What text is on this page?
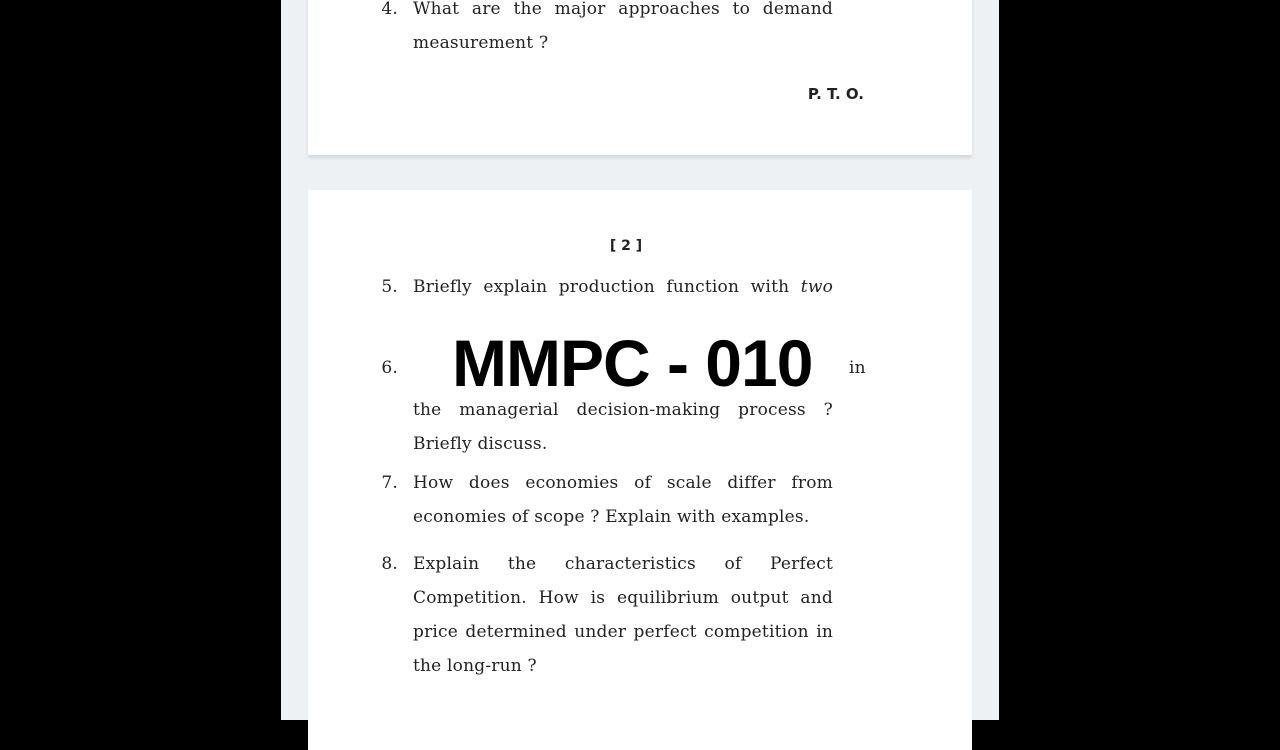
4. What are the major approaches to demand
measurement ?
P. T. O.
[ 2 ]
5. Briefly explain production function with two
6.	in
the managerial decision-making process ?
Briefly discuss.
7. How does economies of scale differ from
economies of scope ? Explain with examples.
8. Explain the characteristics of Perfect
Competition. How is equilibrium output and
price determined under perfect competition in
the long-run ?
MMPC - 010
